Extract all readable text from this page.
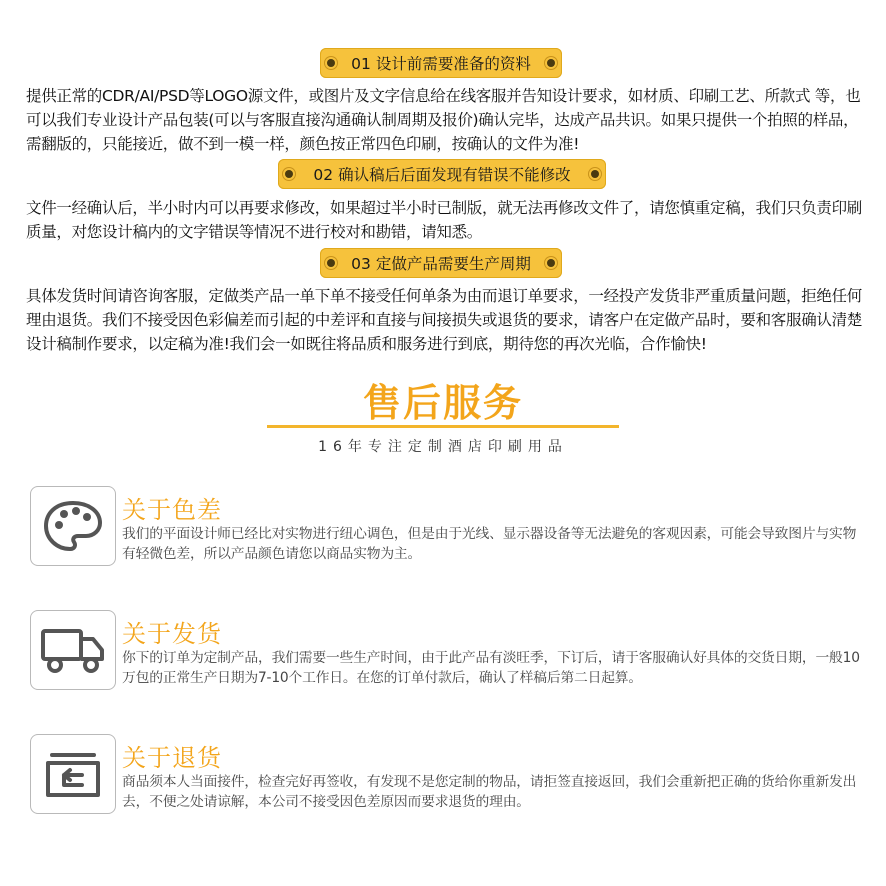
01 设计前需要准备的资料
提供正常的CDR/AI/PSD等LOGO源文件，或图片及文字信息给在线客服并告知设计要求，如材质、印刷工艺、所款式 等，也可以我们专业设计产品包装(可以与客服直接沟通确认制周期及报价)确认完毕，达成产品共识。如果只提供一个拍照的样品，需翻版的，只能接近，做不到一模一样，颜色按正常四色印刷，按确认的文件为准!
02 确认稿后后面发现有错误不能修改
文件一经确认后，半小时内可以再要求修改，如果超过半小时已制版，就无法再修改文件了，请您慎重定稿，我们只负责印刷质量，对您设计稿内的文字错误等情况不进行校对和勘错，请知悉。
03 定做产品需要生产周期
具体发货时间请咨询客服，定做类产品一单下单不接受任何单条为由而退订单要求，一经投产发货非严重质量问题，拒绝任何理由退货。我们不接受因色彩偏差而引起的中差评和直接与间接损失或退货的要求，请客户在定做产品时，要和客服确认清楚设计稿制作要求，以定稿为准!我们会一如既往将品质和服务进行到底，期待您的再次光临，合作愉快!
售后服务
16年专注定制酒店印刷用品
关于色差
我们的平面设计师已经比对实物进行纽心调色，但是由于光线、显示器设备等无法避免的客观因素，可能会导致图片与实物有轻微色差，所以产品颜色请您以商品实物为主。
关于发货
你下的订单为定制产品，我们需要一些生产时间，由于此产品有淡旺季，下订后，请于客服确认好具体的交货日期，一般10万包的正常生产日期为7-10个工作日。在您的订单付款后，确认了样稿后第二日起算。
关于退货
商品须本人当面接件，检查完好再签收，有发现不是您定制的物品，请拒签直接返回，我们会重新把正确的货给你重新发出去，不便之处请谅解，本公司不接受因色差原因而要求退货的理由。
